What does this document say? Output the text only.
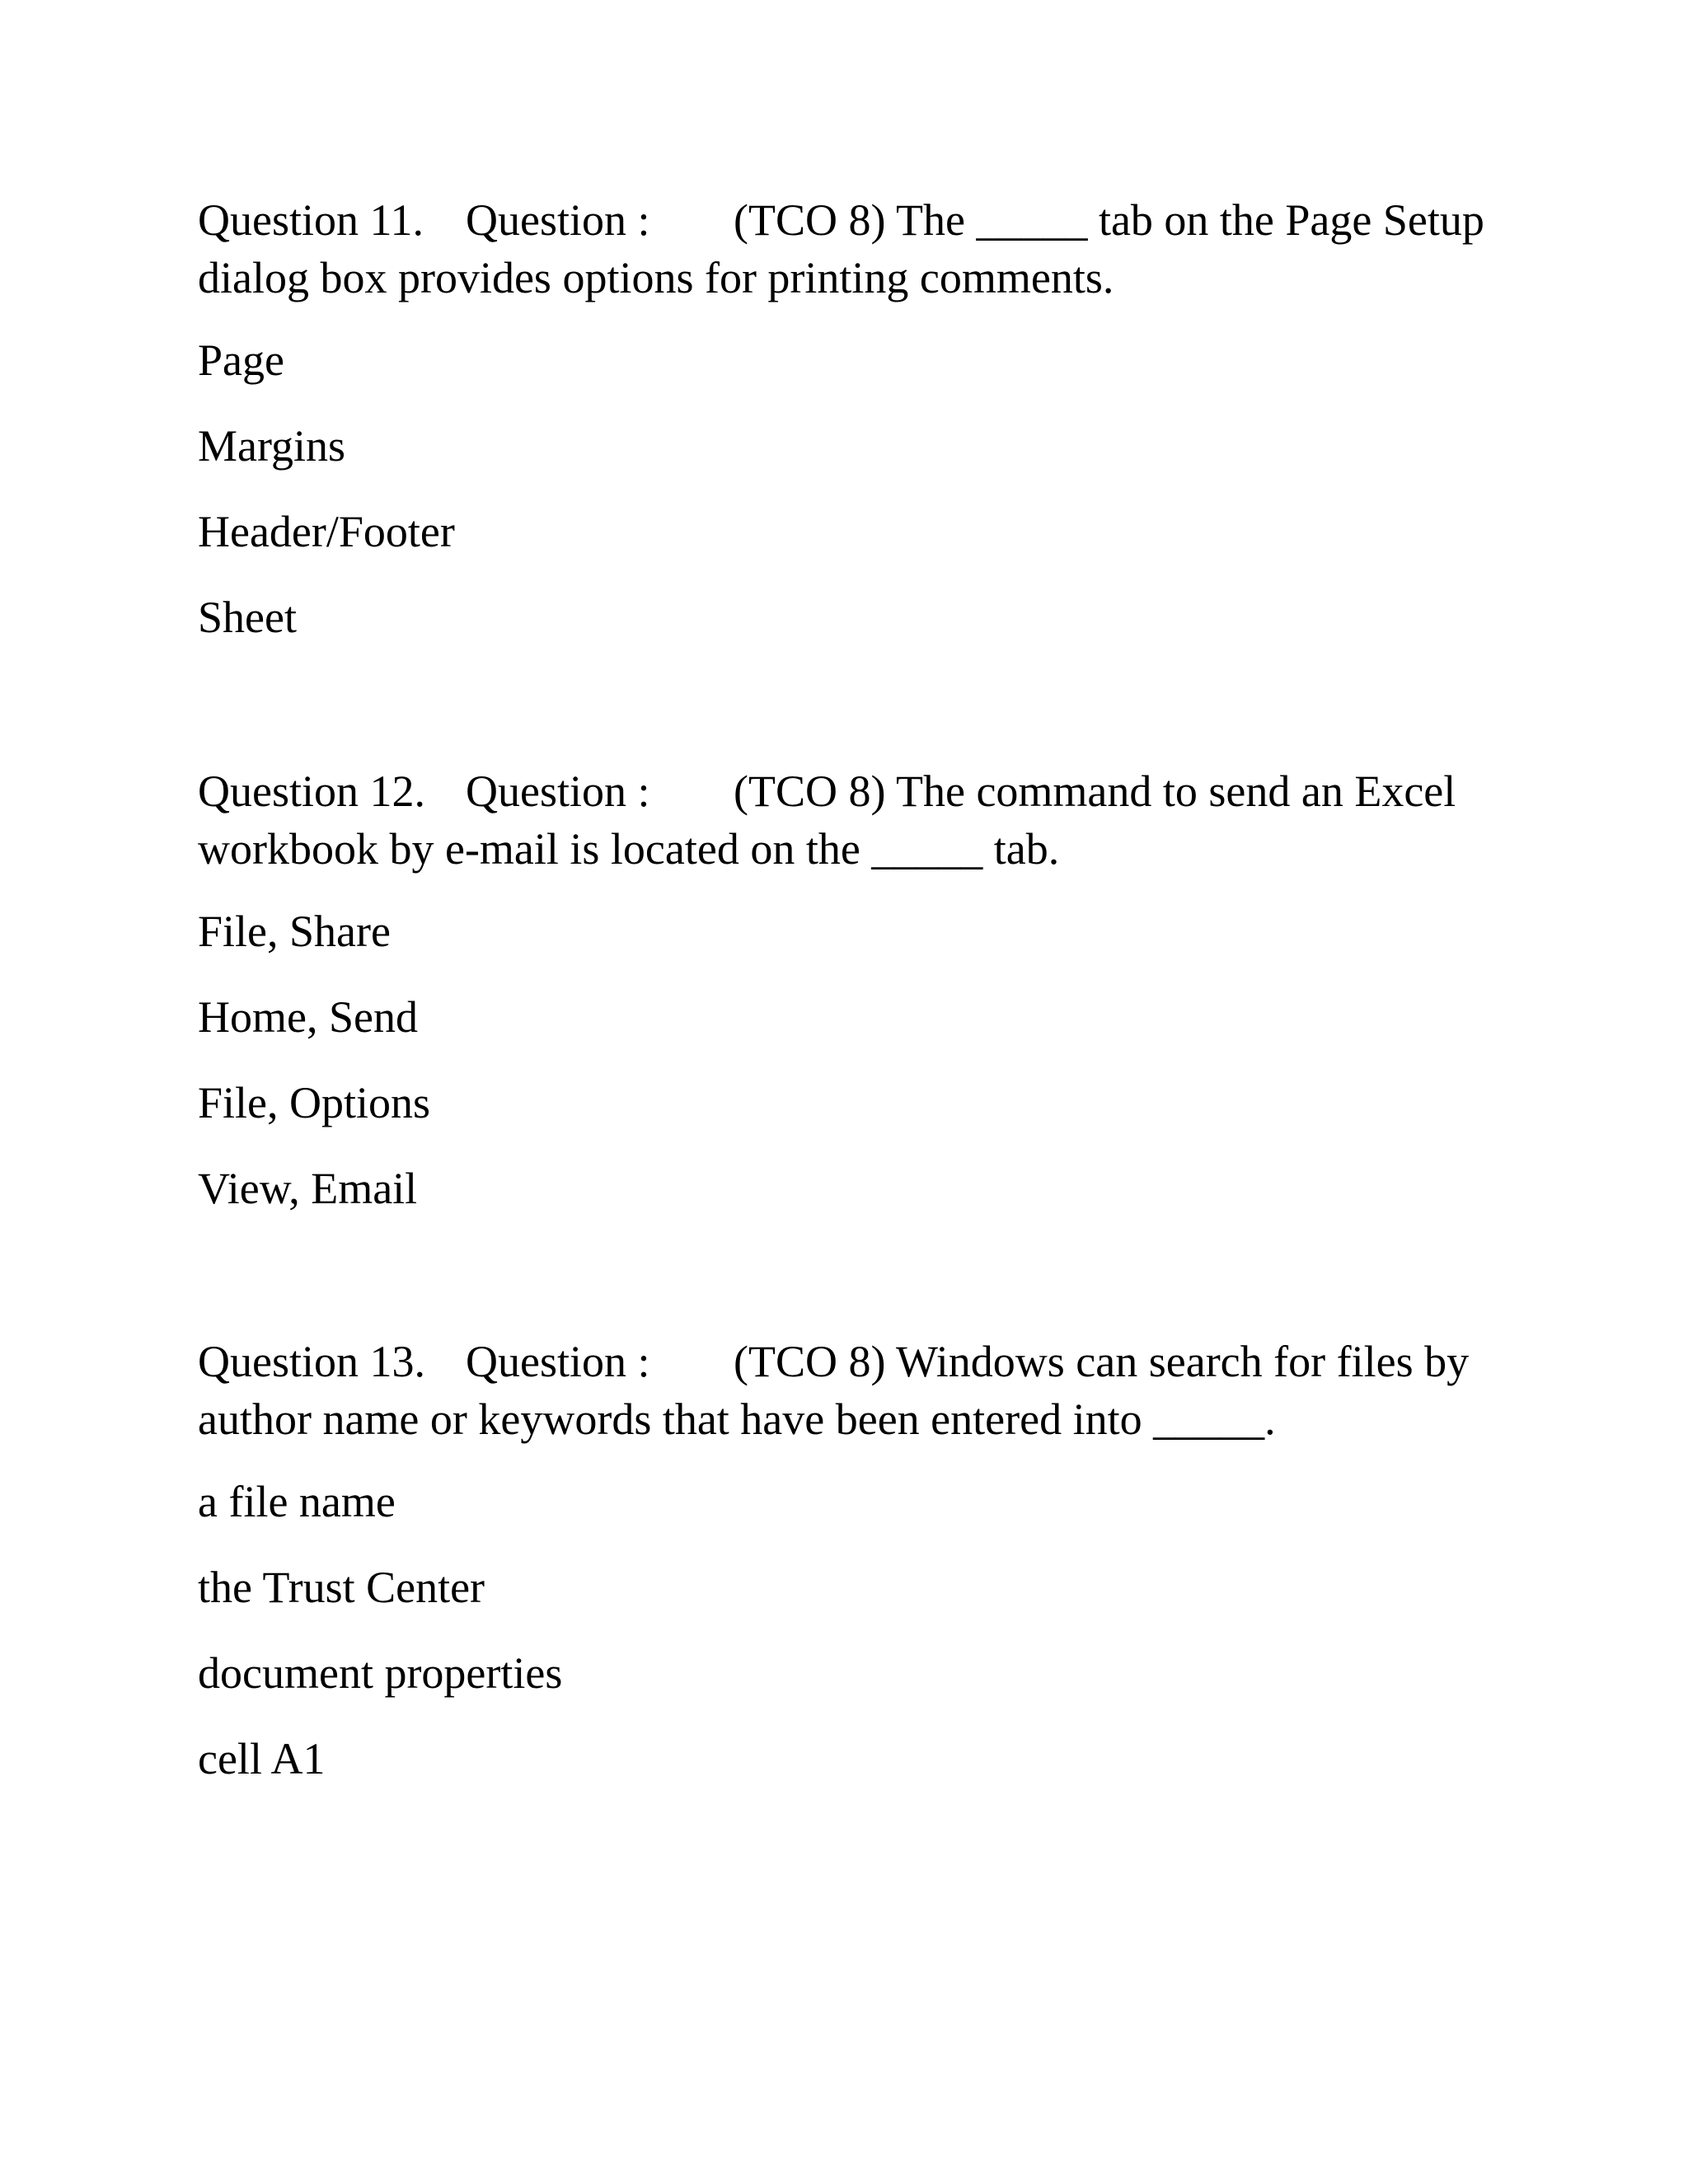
Question 11. Question : (TCO 8) The _____ tab on the Page Setup dialog box provides options for printing comments.

Page
Margins
Header/Footer
Sheet

Question 12. Question : (TCO 8) The command to send an Excel workbook by e-mail is located on the _____ tab.

File, Share
Home, Send
File, Options
View, Email

Question 13. Question : (TCO 8) Windows can search for files by author name or keywords that have been entered into _____.

a file name
the Trust Center
document properties
cell A1
